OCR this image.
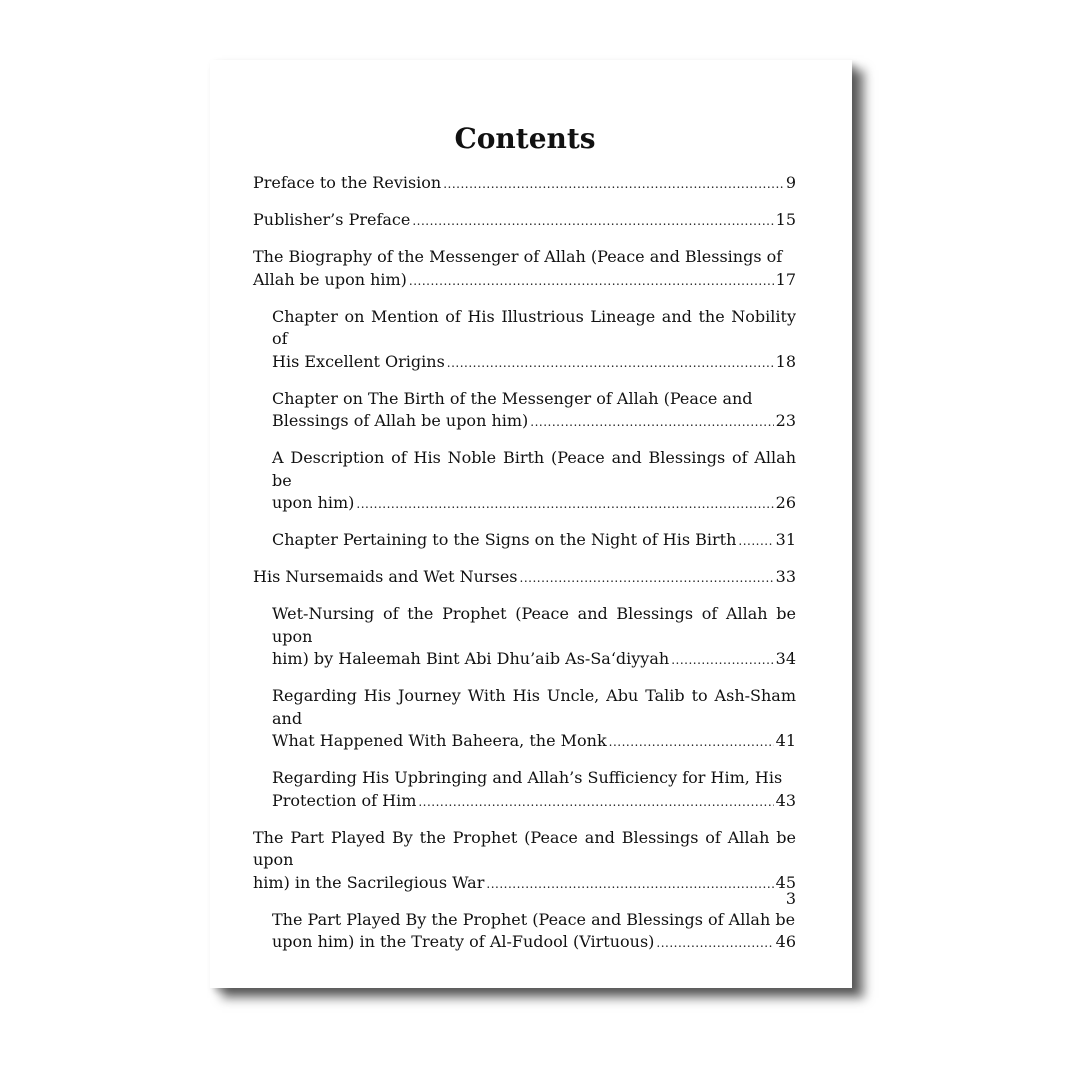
Contents
Preface to the Revision .....	9
Publisher’s Preface .....	15
The Biography of the Messenger of Allah (Peace and Blessings of
Allah be upon him) .....	17
Chapter on Mention of His Illustrious Lineage and the Nobility of
His Excellent Origins .....	18
Chapter on The Birth of the Messenger of Allah (Peace and
Blessings of Allah be upon him) .....	23
A Description of His Noble Birth (Peace and Blessings of Allah be
upon him) .....	26
Chapter Pertaining to the Signs on the Night of His Birth ..... 31
His Nursemaids and Wet Nurses .....	33
Wet-Nursing of the Prophet (Peace and Blessings of Allah be upon
him) by Haleemah Bint Abi Dhu’aib As-Sa‘diyyah .....	34
Regarding His Journey With His Uncle, Abu Talib to Ash-Sham and
What Happened With Baheera, the Monk .....	41
Regarding His Upbringing and Allah’s Sufficiency for Him, His
Protection of Him .....	43
The Part Played By the Prophet (Peace and Blessings of Allah be upon
him) in the Sacrilegious War .....	45
The Part Played By the Prophet (Peace and Blessings of Allah be
upon him) in the Treaty of Al-Fudool (Virtuous) .....	46
3
